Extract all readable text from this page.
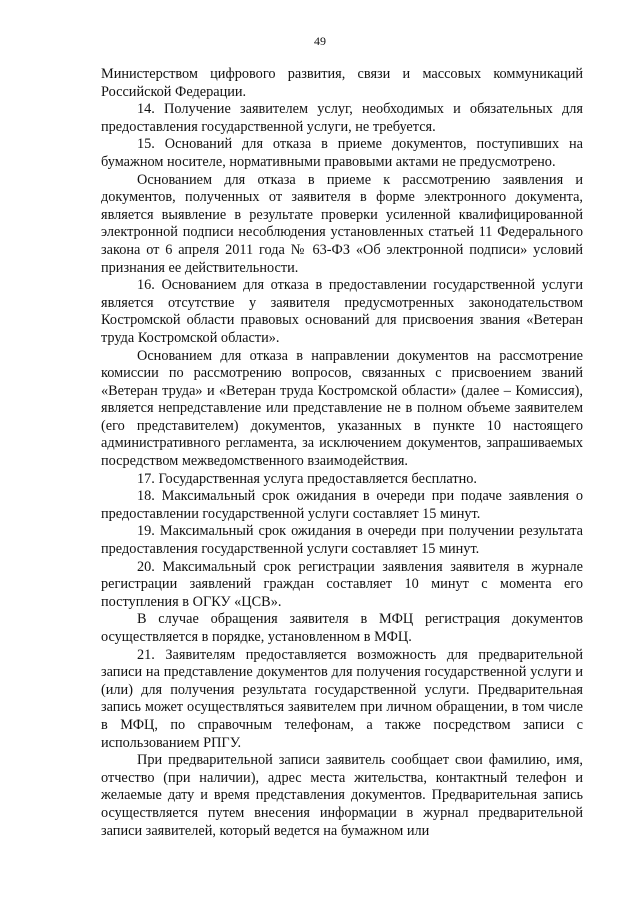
49

Министерством цифрового развития, связи и массовых коммуникаций Российской Федерации.

14. Получение заявителем услуг, необходимых и обязательных для предоставления государственной услуги, не требуется.

15. Оснований для отказа в приеме документов, поступивших на бумажном носителе, нормативными правовыми актами не предусмотрено.

Основанием для отказа в приеме к рассмотрению заявления и документов, полученных от заявителя в форме электронного документа, является выявление в результате проверки усиленной квалифицированной электронной подписи несоблюдения установленных статьей 11 Федерального закона от 6 апреля 2011 года № 63-ФЗ «Об электронной подписи» условий признания ее действительности.

16. Основанием для отказа в предоставлении государственной услуги является отсутствие у заявителя предусмотренных законодательством Костромской области правовых оснований для присвоения звания «Ветеран труда Костромской области».

Основанием для отказа в направлении документов на рассмотрение комиссии по рассмотрению вопросов, связанных с присвоением званий «Ветеран труда» и «Ветеран труда Костромской области» (далее – Комиссия), является непредставление или представление не в полном объеме заявителем (его представителем) документов, указанных в пункте 10 настоящего административного регламента, за исключением документов, запрашиваемых посредством межведомственного взаимодействия.

17. Государственная услуга предоставляется бесплатно.

18. Максимальный срок ожидания в очереди при подаче заявления о предоставлении государственной услуги составляет 15 минут.

19. Максимальный срок ожидания в очереди при получении результата предоставления государственной услуги составляет 15 минут.

20. Максимальный срок регистрации заявления заявителя в журнале регистрации заявлений граждан составляет 10 минут с момента его поступления в ОГКУ «ЦСВ».

В случае обращения заявителя в МФЦ регистрация документов осуществляется в порядке, установленном в МФЦ.

21. Заявителям предоставляется возможность для предварительной записи на представление документов для получения государственной услуги и (или) для получения результата государственной услуги. Предварительная запись может осуществляться заявителем при личном обращении, в том числе в МФЦ, по справочным телефонам, а также посредством записи с использованием РПГУ.

При предварительной записи заявитель сообщает свои фамилию, имя, отчество (при наличии), адрес места жительства, контактный телефон и желаемые дату и время представления документов. Предварительная запись осуществляется путем внесения информации в журнал предварительной записи заявителей, который ведется на бумажном или
